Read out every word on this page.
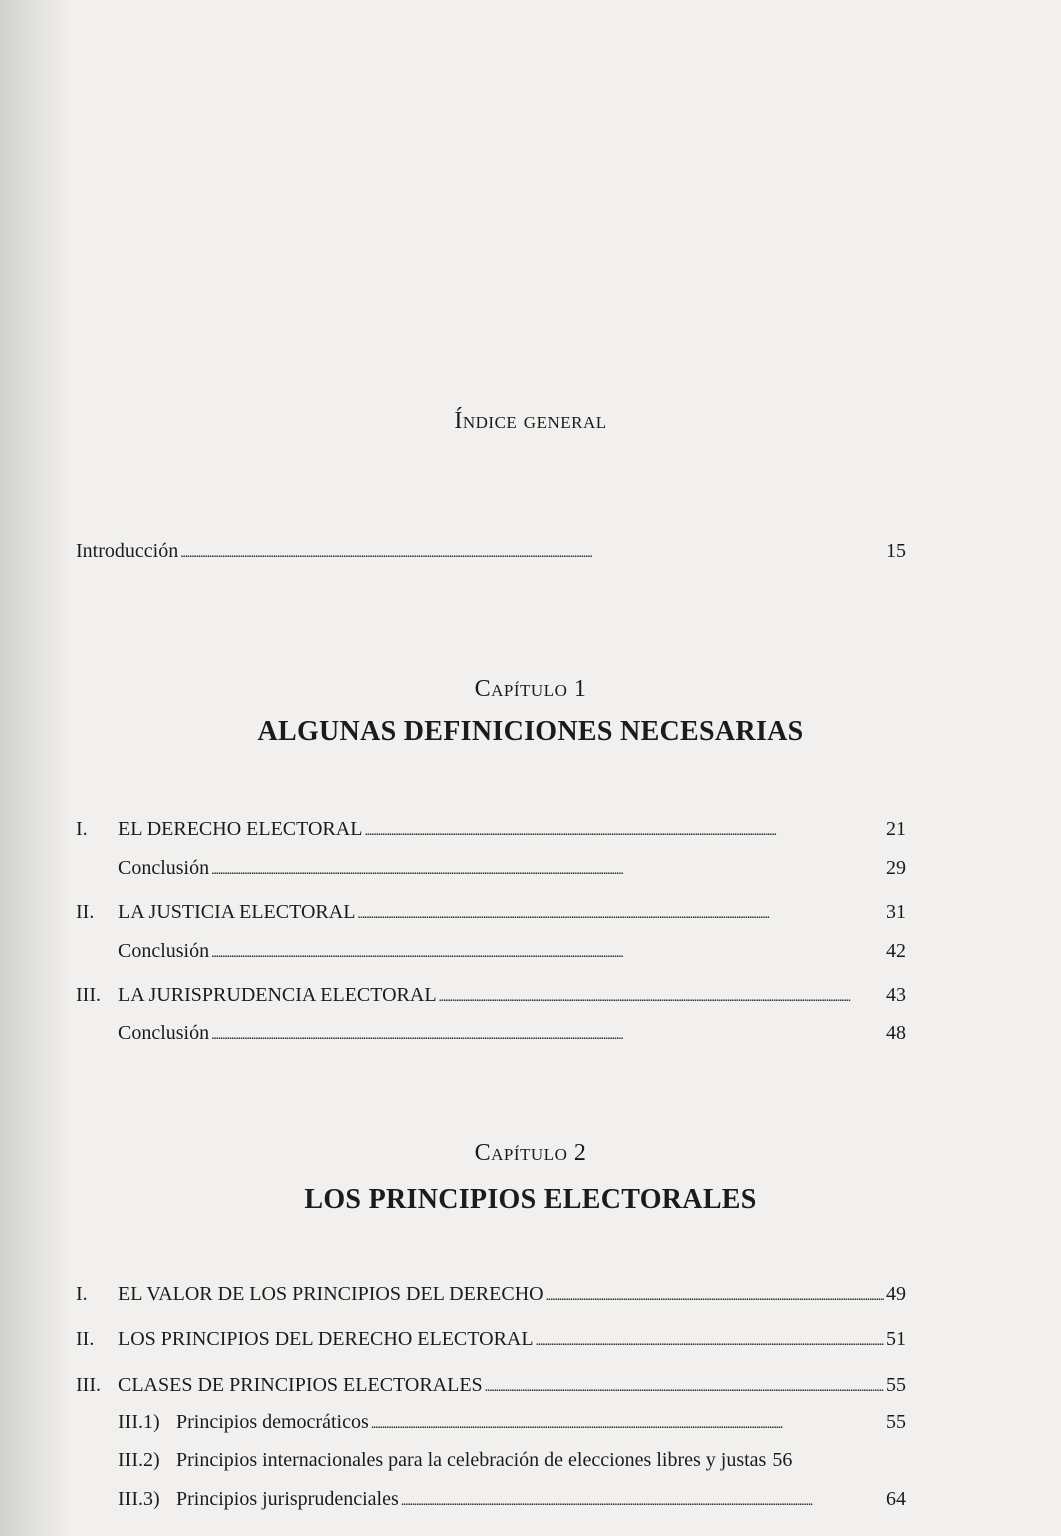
Índice general
Introducción . . .	15
Capítulo 1
ALGUNAS DEFINICIONES NECESARIAS
I.	EL DERECHO ELECTORAL . . .	21
Conclusión . . .	29
II.	LA JUSTICIA ELECTORAL . . .	31
Conclusión . . .	42
III. LA JURISPRUDENCIA ELECTORAL . . .	43
Conclusión . . .	48
Capítulo 2
LOS PRINCIPIOS ELECTORALES
I.	EL VALOR DE LOS PRINCIPIOS DEL DERECHO . . .	49
II.	LOS PRINCIPIOS DEL DERECHO ELECTORAL . . .	51
III. CLASES DE PRINCIPIOS ELECTORALES . . .	55
III.1) Principios democráticos . . .	55
III.2) Principios internacionales para la celebración de elecciones libres y justas 56
III.3) Principios jurisprudenciales . . .	64
